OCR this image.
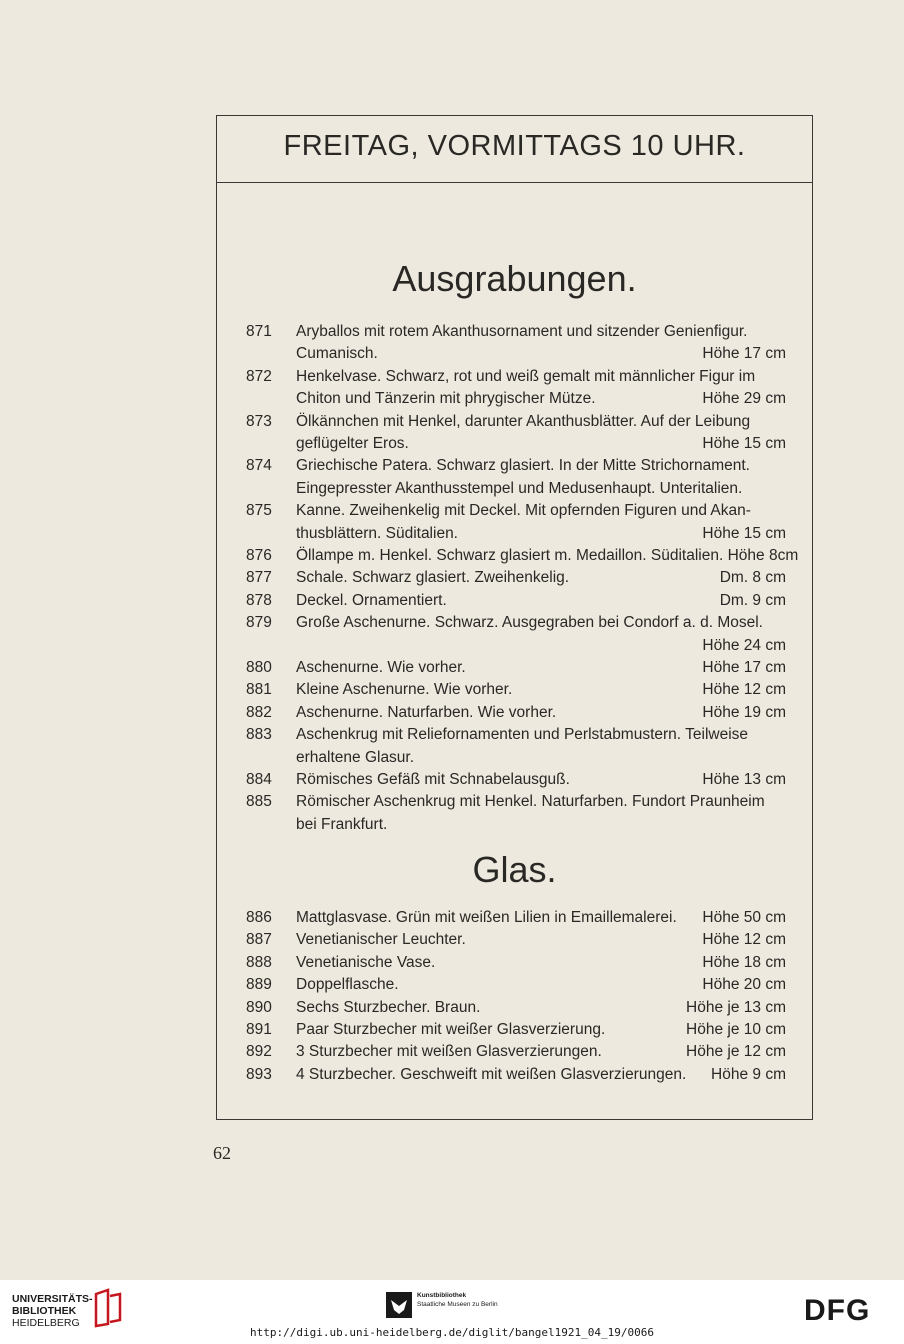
FREITAG, VORMITTAGS 10 UHR.
Ausgrabungen.
Glas.
871	Aryballos mit rotem Akanthusornament und sitzender Genienfigur.
Cumanisch.	Höhe 17 cm
872	Henkelvase. Schwarz, rot und weiß gemalt mit männlicher Figur im
Chiton und Tänzerin mit phrygischer Mütze.	Höhe 29 cm
873	Ölkännchen mit Henkel, darunter Akanthusblätter. Auf der Leibung
geflügelter Eros.	Höhe 15 cm
874	Griechische Patera. Schwarz glasiert. In der Mitte Strichornament.
Eingepresster Akanthusstempel und Medusenhaupt. Unteritalien.
875	Kanne. Zweihenkelig mit Deckel. Mit opfernden Figuren und Akan-
thusblättern. Süditalien.	Höhe 15 cm
876	Öllampe m. Henkel. Schwarz glasiert m. Medaillon. Süditalien. Höhe 8cm
877	Schale. Schwarz glasiert. Zweihenkelig.	Dm. 8 cm
878	Deckel. Ornamentiert.	Dm. 9 cm
879	Große Aschenurne. Schwarz. Ausgegraben bei Condorf a. d. Mosel.
Höhe 24 cm
880	Aschenurne. Wie vorher.	Höhe 17 cm
881	Kleine Aschenurne. Wie vorher.	Höhe 12 cm
882	Aschenurne. Naturfarben. Wie vorher.	Höhe 19 cm
883	Aschenkrug mit Reliefornamenten und Perlstabmustern. Teilweise
erhaltene Glasur.
884	Römisches Gefäß mit Schnabelausguß.	Höhe 13 cm
885	Römischer Aschenkrug mit Henkel. Naturfarben. Fundort Praunheim
bei Frankfurt.
886	Mattglasvase. Grün mit weißen Lilien in Emaillemalerei. Höhe 50 cm
887	Venetianischer Leuchter.	Höhe 12 cm
888	Venetianische Vase.	Höhe 18 cm
889	Doppelflasche.	Höhe 20 cm
890	Sechs Sturzbecher. Braun.	Höhe je 13 cm
891	Paar Sturzbecher mit weißer Glasverzierung.	Höhe je 10 cm
892	3 Sturzbecher mit weißen Glasverzierungen.	Höhe je 12 cm
893	4 Sturzbecher. Geschweift mit weißen Glasverzierungen. Höhe 9 cm
62
UNIVERSITÄTS-
BIBLIOTHEK
HEIDELBERG
Kunstbibliothek
Staatliche Museen zu Berlin	DFG
http://digi.ub.uni-heidelberg.de/diglit/bangel1921_04_19/0066
